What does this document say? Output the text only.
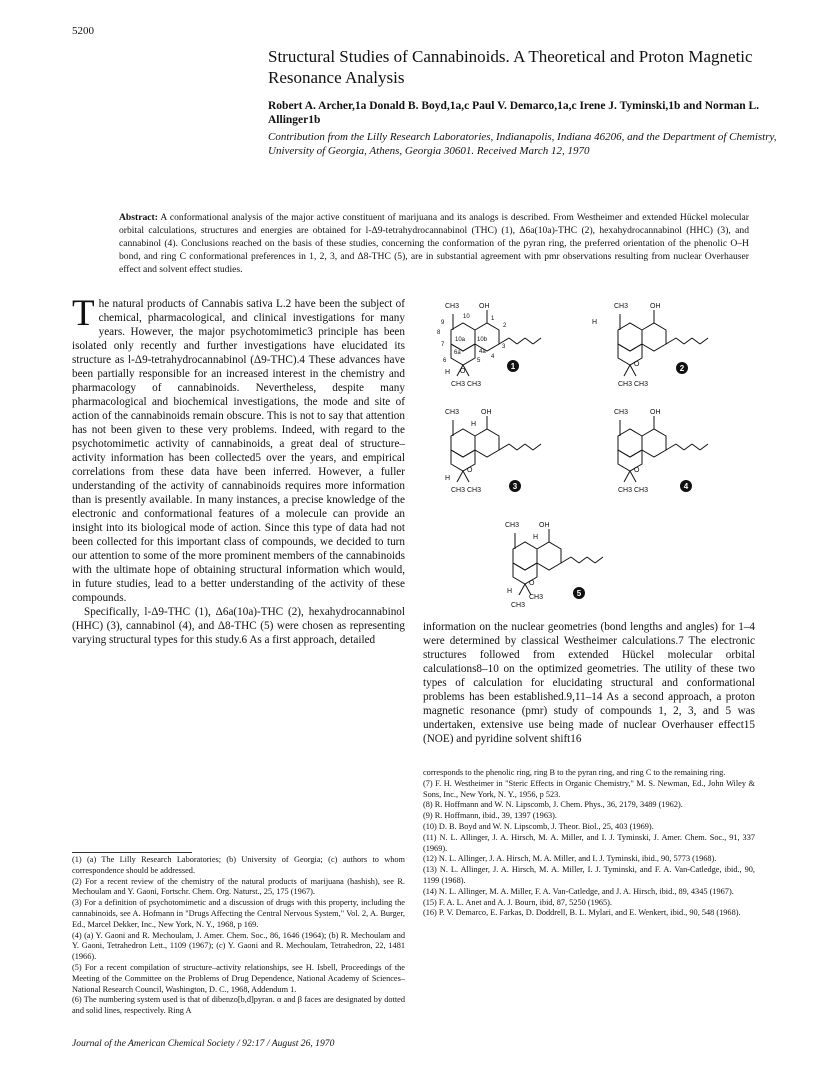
5200
Structural Studies of Cannabinoids. A Theoretical and Proton Magnetic Resonance Analysis
Robert A. Archer,1a Donald B. Boyd,1a,c Paul V. Demarco,1a,c Irene J. Tyminski,1b and Norman L. Allinger1b
Contribution from the Lilly Research Laboratories, Indianapolis, Indiana 46206, and the Department of Chemistry, University of Georgia, Athens, Georgia 30601. Received March 12, 1970
Abstract: A conformational analysis of the major active constituent of marijuana and its analogs is described. From Westheimer and extended Hückel molecular orbital calculations, structures and energies are obtained for l-Δ9-tetrahydrocannabinol (THC) (1), Δ6a(10a)-THC (2), hexahydrocannabinol (HHC) (3), and cannabinol (4). Conclusions reached on the basis of these studies, concerning the conformation of the pyran ring, the preferred orientation of the phenolic O–H bond, and ring C conformational preferences in 1, 2, 3, and Δ8-THC (5), are in substantial agreement with pmr observations resulting from nuclear Overhauser effect and solvent effect studies.

The natural products of Cannabis sativa L.2 have been the subject of chemical, pharmacological, and clinical investigations for many years. However, the major psychotomimetic3 principle has been isolated only recently and further investigations have elucidated its structure as l-Δ9-tetrahydrocannabinol (Δ9-THC).4 These advances have been partially responsible for an increased interest in the chemistry and pharmacology of cannabinoids. Nevertheless, despite many pharmacological and biochemical investigations, the mode and site of action of the cannabinoids remain obscure. This is not to say that attention has not been given to these very problems. Indeed, with regard to the psychotomimetic activity of cannabinoids, a great deal of structure–activity information has been collected5 over the years, and empirical correlations from these data have been inferred. However, a fuller understanding of the activity of cannabinoids requires more information than is presently available. In many instances, a precise knowledge of the electronic and conformational features of a molecule can provide an insight into its biological mode of action. Since this type of data had not been collected for this important class of compounds, we decided to turn our attention to some of the more prominent members of the cannabinoids with the ultimate hope of obtaining structural information which would, in future studies, lead to a better understanding of the activity of these compounds.

Specifically, l-Δ9-THC (1), Δ6a(10a)-THC (2), hexahydrocannabinol (HHC) (3), cannabinol (4), and Δ8-THC (5) were chosen as representing varying structural types for this study.6 As a first approach, detailed

CH3	OH
O
H
CH3 CH3
10	1
2
3
4
4a
5
6
6a
7
8
9
10a 10b
1
CH3	OH
H
O
CH3 CH3
2
CH3	OH
H
O
H
CH3 CH3	3
CH3	OH
O
CH3 CH3	4
CH3	OH
H
O
H
CH3
CH3	5
information on the nuclear geometries (bond lengths and angles) for 1–4 were determined by classical Westheimer calculations.7 The electronic structures followed from extended Hückel molecular orbital calculations8–10 on the optimized geometries. The utility of these two types of calculation for elucidating structural and conformational problems has been established.9,11–14 As a second approach, a proton magnetic resonance (pmr) study of compounds 1, 2, 3, and 5 was undertaken, extensive use being made of nuclear Overhauser effect15 (NOE) and pyridine solvent shift16

(1) (a) The Lilly Research Laboratories; (b) University of Georgia; (c) authors to whom correspondence should be addressed.

(2) For a recent review of the chemistry of the natural products of marijuana (hashish), see R. Mechoulam and Y. Gaoni, Fortschr. Chem. Org. Naturst., 25, 175 (1967).

(3) For a definition of psychotomimetic and a discussion of drugs with this property, including the cannabinoids, see A. Hofmann in "Drugs Affecting the Central Nervous System," Vol. 2, A. Burger, Ed., Marcel Dekker, Inc., New York, N. Y., 1968, p 169.

(4) (a) Y. Gaoni and R. Mechoulam, J. Amer. Chem. Soc., 86, 1646 (1964); (b) R. Mechoulam and Y. Gaoni, Tetrahedron Lett., 1109 (1967); (c) Y. Gaoni and R. Mechoulam, Tetrahedron, 22, 1481 (1966).

(5) For a recent compilation of structure–activity relationships, see H. Isbell, Proceedings of the Meeting of the Committee on the Problems of Drug Dependence, National Academy of Sciences–National Research Council, Washington, D. C., 1968, Addendum 1.

(6) The numbering system used is that of dibenzo[b,d]pyran. α and β faces are designated by dotted and solid lines, respectively. Ring A

corresponds to the phenolic ring, ring B to the pyran ring, and ring C to the remaining ring.

(7) F. H. Westheimer in "Steric Effects in Organic Chemistry," M. S. Newman, Ed., John Wiley & Sons, Inc., New York, N. Y., 1956, p 523.

(8) R. Hoffmann and W. N. Lipscomb, J. Chem. Phys., 36, 2179, 3489 (1962).

(9) R. Hoffmann, ibid., 39, 1397 (1963).

(10) D. B. Boyd and W. N. Lipscomb, J. Theor. Biol., 25, 403 (1969).

(11) N. L. Allinger, J. A. Hirsch, M. A. Miller, and I. J. Tyminski, J. Amer. Chem. Soc., 91, 337 (1969).

(12) N. L. Allinger, J. A. Hirsch, M. A. Miller, and I. J. Tyminski, ibid., 90, 5773 (1968).

(13) N. L. Allinger, J. A. Hirsch, M. A. Miller, I. J. Tyminski, and F. A. Van-Catledge, ibid., 90, 1199 (1968).

(14) N. L. Allinger, M. A. Miller, F. A. Van-Catledge, and J. A. Hirsch, ibid., 89, 4345 (1967).

(15) F. A. L. Anet and A. J. Bourn, ibid, 87, 5250 (1965).

(16) P. V. Demarco, E. Farkas, D. Doddrell, B. L. Mylari, and E. Wenkert, ibid., 90, 548 (1968).

Journal of the American Chemical Society / 92:17 / August 26, 1970
